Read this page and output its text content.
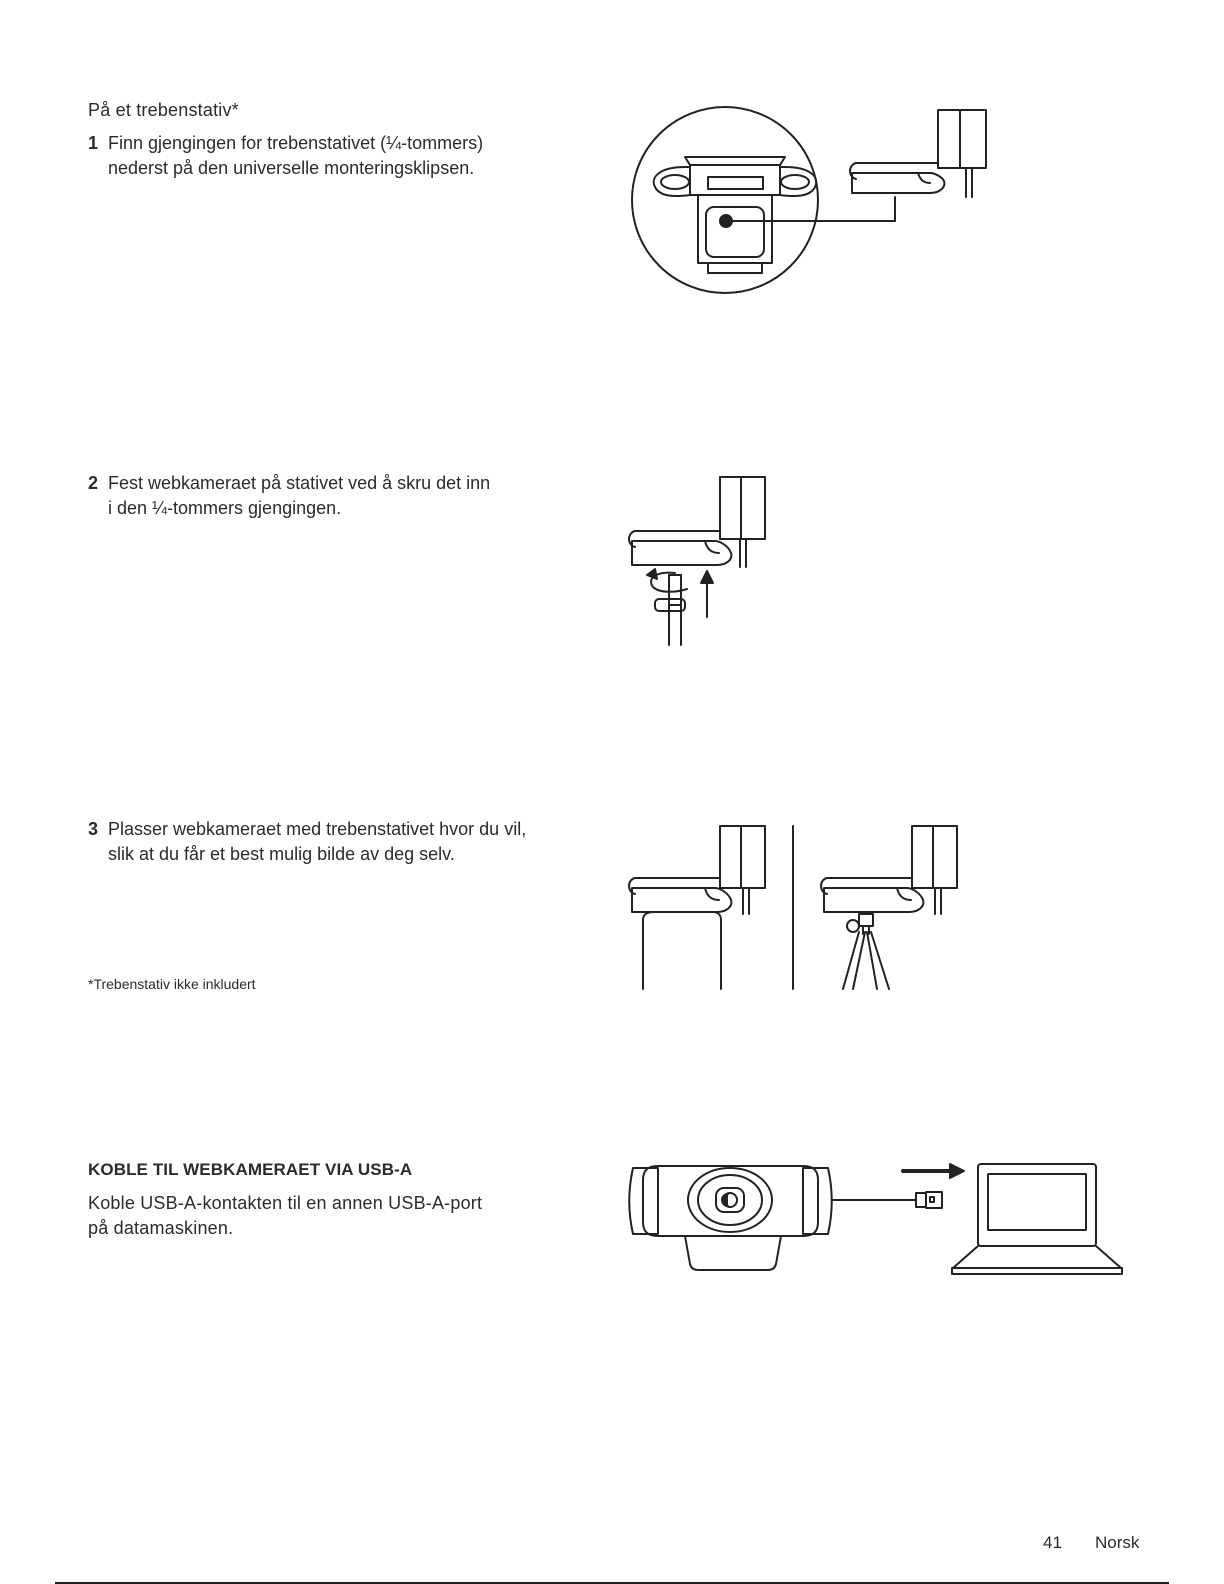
På et trebenstativ*
1 Finn gjengingen for trebenstativet (¼-tommers)
nederst på den universelle monteringsklipsen.
2 Fest webkameraet på stativet ved å skru det inn
i den ¼-tommers gjengingen.
3 Plasser webkameraet med trebenstativet hvor du vil,
slik at du får et best mulig bilde av deg selv.
*Trebenstativ ikke inkludert
KOBLE TIL WEBKAMERAET VIA USB-A
Koble USB-A-kontakten til en annen USB-A-port
på datamaskinen.
41 Norsk
